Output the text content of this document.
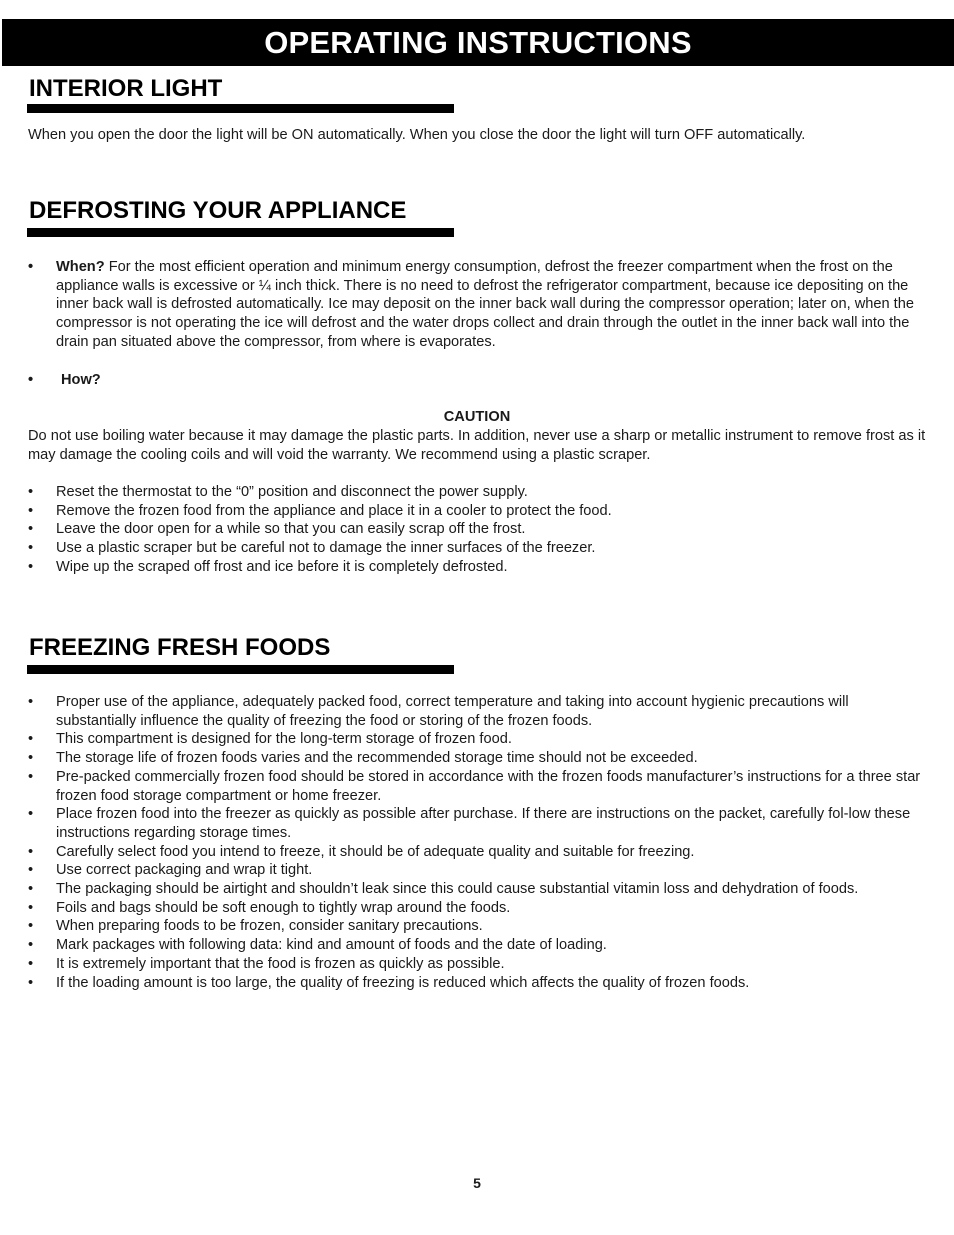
OPERATING INSTRUCTIONS
INTERIOR LIGHT

When you open the door the light will be ON automatically. When you close the door the light will turn OFF automatically.

DEFROSTING YOUR APPLIANCE
• When? For the most efficient operation and minimum energy consumption, defrost the freezer compartment when the frost on the appliance walls is excessive or ¼ inch thick. There is no need to defrost the refrigerator compartment, because ice depositing on the inner back wall is defrosted automatically. Ice may deposit on the inner back wall during the compressor operation; later on, when the compressor is not operating the ice will defrost and the water drops collect and drain through the outlet in the inner back wall into the drain pan situated above the compressor, from where is evaporates.
• How?
CAUTION

Do not use boiling water because it may damage the plastic parts. In addition, never use a sharp or metallic instrument to remove frost as it may damage the cooling coils and will void the warranty. We recommend using a plastic scraper.

• Reset the thermostat to the “0” position and disconnect the power supply.
• Remove the frozen food from the appliance and place it in a cooler to protect the food.
• Leave the door open for a while so that you can easily scrap off the frost.
• Use a plastic scraper but be careful not to damage the inner surfaces of the freezer.
• Wipe up the scraped off frost and ice before it is completely defrosted.
FREEZING FRESH FOODS
• Proper use of the appliance, adequately packed food, correct temperature and taking into account hygienic precautions will substantially influence the quality of freezing the food or storing of the frozen foods.
• This compartment is designed for the long-term storage of frozen food.
• The storage life of frozen foods varies and the recommended storage time should not be exceeded.
• Pre-packed commercially frozen food should be stored in accordance with the frozen foods manufacturer’s instructions for a three star frozen food storage compartment or home freezer.
• Place frozen food into the freezer as quickly as possible after purchase. If there are instructions on the packet, carefully fol-low these instructions regarding storage times.
• Carefully select food you intend to freeze, it should be of adequate quality and suitable for freezing.
• Use correct packaging and wrap it tight.
• The packaging should be airtight and shouldn’t leak since this could cause substantial vitamin loss and dehydration of foods.
• Foils and bags should be soft enough to tightly wrap around the foods.
• When preparing foods to be frozen, consider sanitary precautions.
• Mark packages with following data: kind and amount of foods and the date of loading.
• It is extremely important that the food is frozen as quickly as possible.
• If the loading amount is too large, the quality of freezing is reduced which affects the quality of frozen foods.
5
